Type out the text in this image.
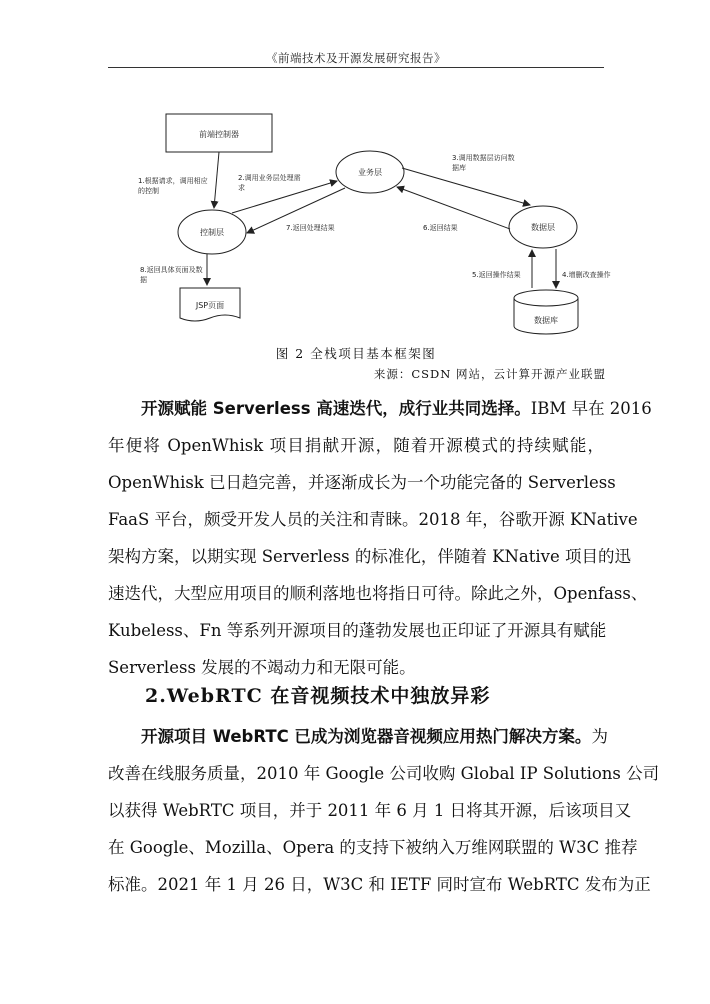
《前端技术及开源发展研究报告》
前端控制器
控制层
业务层
数据层
JSP页面
数据库
1.根据请求，调用相应
的控制
2.调用业务层处理需
求
3.调用数据层访问数
据库
7.返回处理结果	6.返回结果
8.返回具体页面及数
据
5.返回操作结果	4.增删改查操作
图 2 全栈项目基本框架图
来源：CSDN 网站，云计算开源产业联盟
开源赋能 Serverless 高速迭代，成行业共同选择。IBM 早在 2016
年便将 OpenWhisk 项目捐献开源，随着开源模式的持续赋能，
OpenWhisk 已日趋完善，并逐渐成长为一个功能完备的 Serverless
FaaS 平台，颇受开发人员的关注和青睐。2018 年，谷歌开源 KNative
架构方案，以期实现 Serverless 的标准化，伴随着 KNative 项目的迅
速迭代，大型应用项目的顺利落地也将指日可待。除此之外，Openfass、
Kubeless、Fn 等系列开源项目的蓬勃发展也正印证了开源具有赋能
Serverless 发展的不竭动力和无限可能。
2.WebRTC 在音视频技术中独放异彩
开源项目 WebRTC 已成为浏览器音视频应用热门解决方案。为
改善在线服务质量，2010 年 Google 公司收购 Global IP Solutions 公司
以获得 WebRTC 项目，并于 2011 年 6 月 1 日将其开源，后该项目又
在 Google、Mozilla、Opera 的支持下被纳入万维网联盟的 W3C 推荐
标准。2021 年 1 月 26 日，W3C 和 IETF 同时宣布 WebRTC 发布为正
